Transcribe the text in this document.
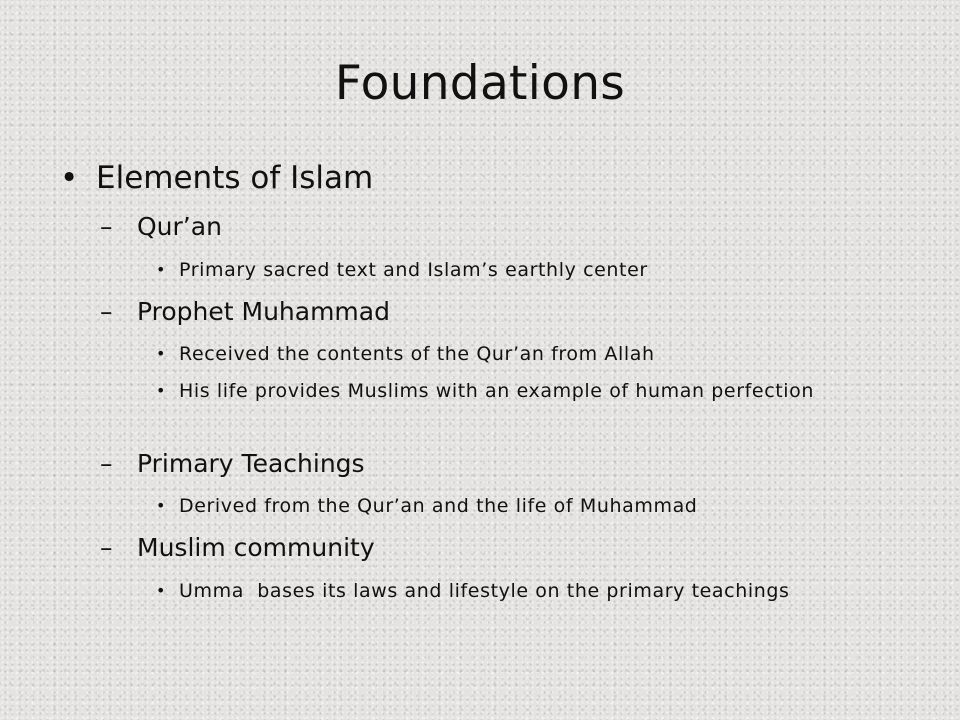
Foundations
• Elements of Islam
– Qur’an
• Primary sacred text and Islam’s earthly center
– Prophet Muhammad
• Received the contents of the Qur’an from Allah
• His life provides Muslims with an example of human perfection
– Primary Teachings
• Derived from the Qur’an and the life of Muhammad
– Muslim community
• Umma  bases its laws and lifestyle on the primary teachings
